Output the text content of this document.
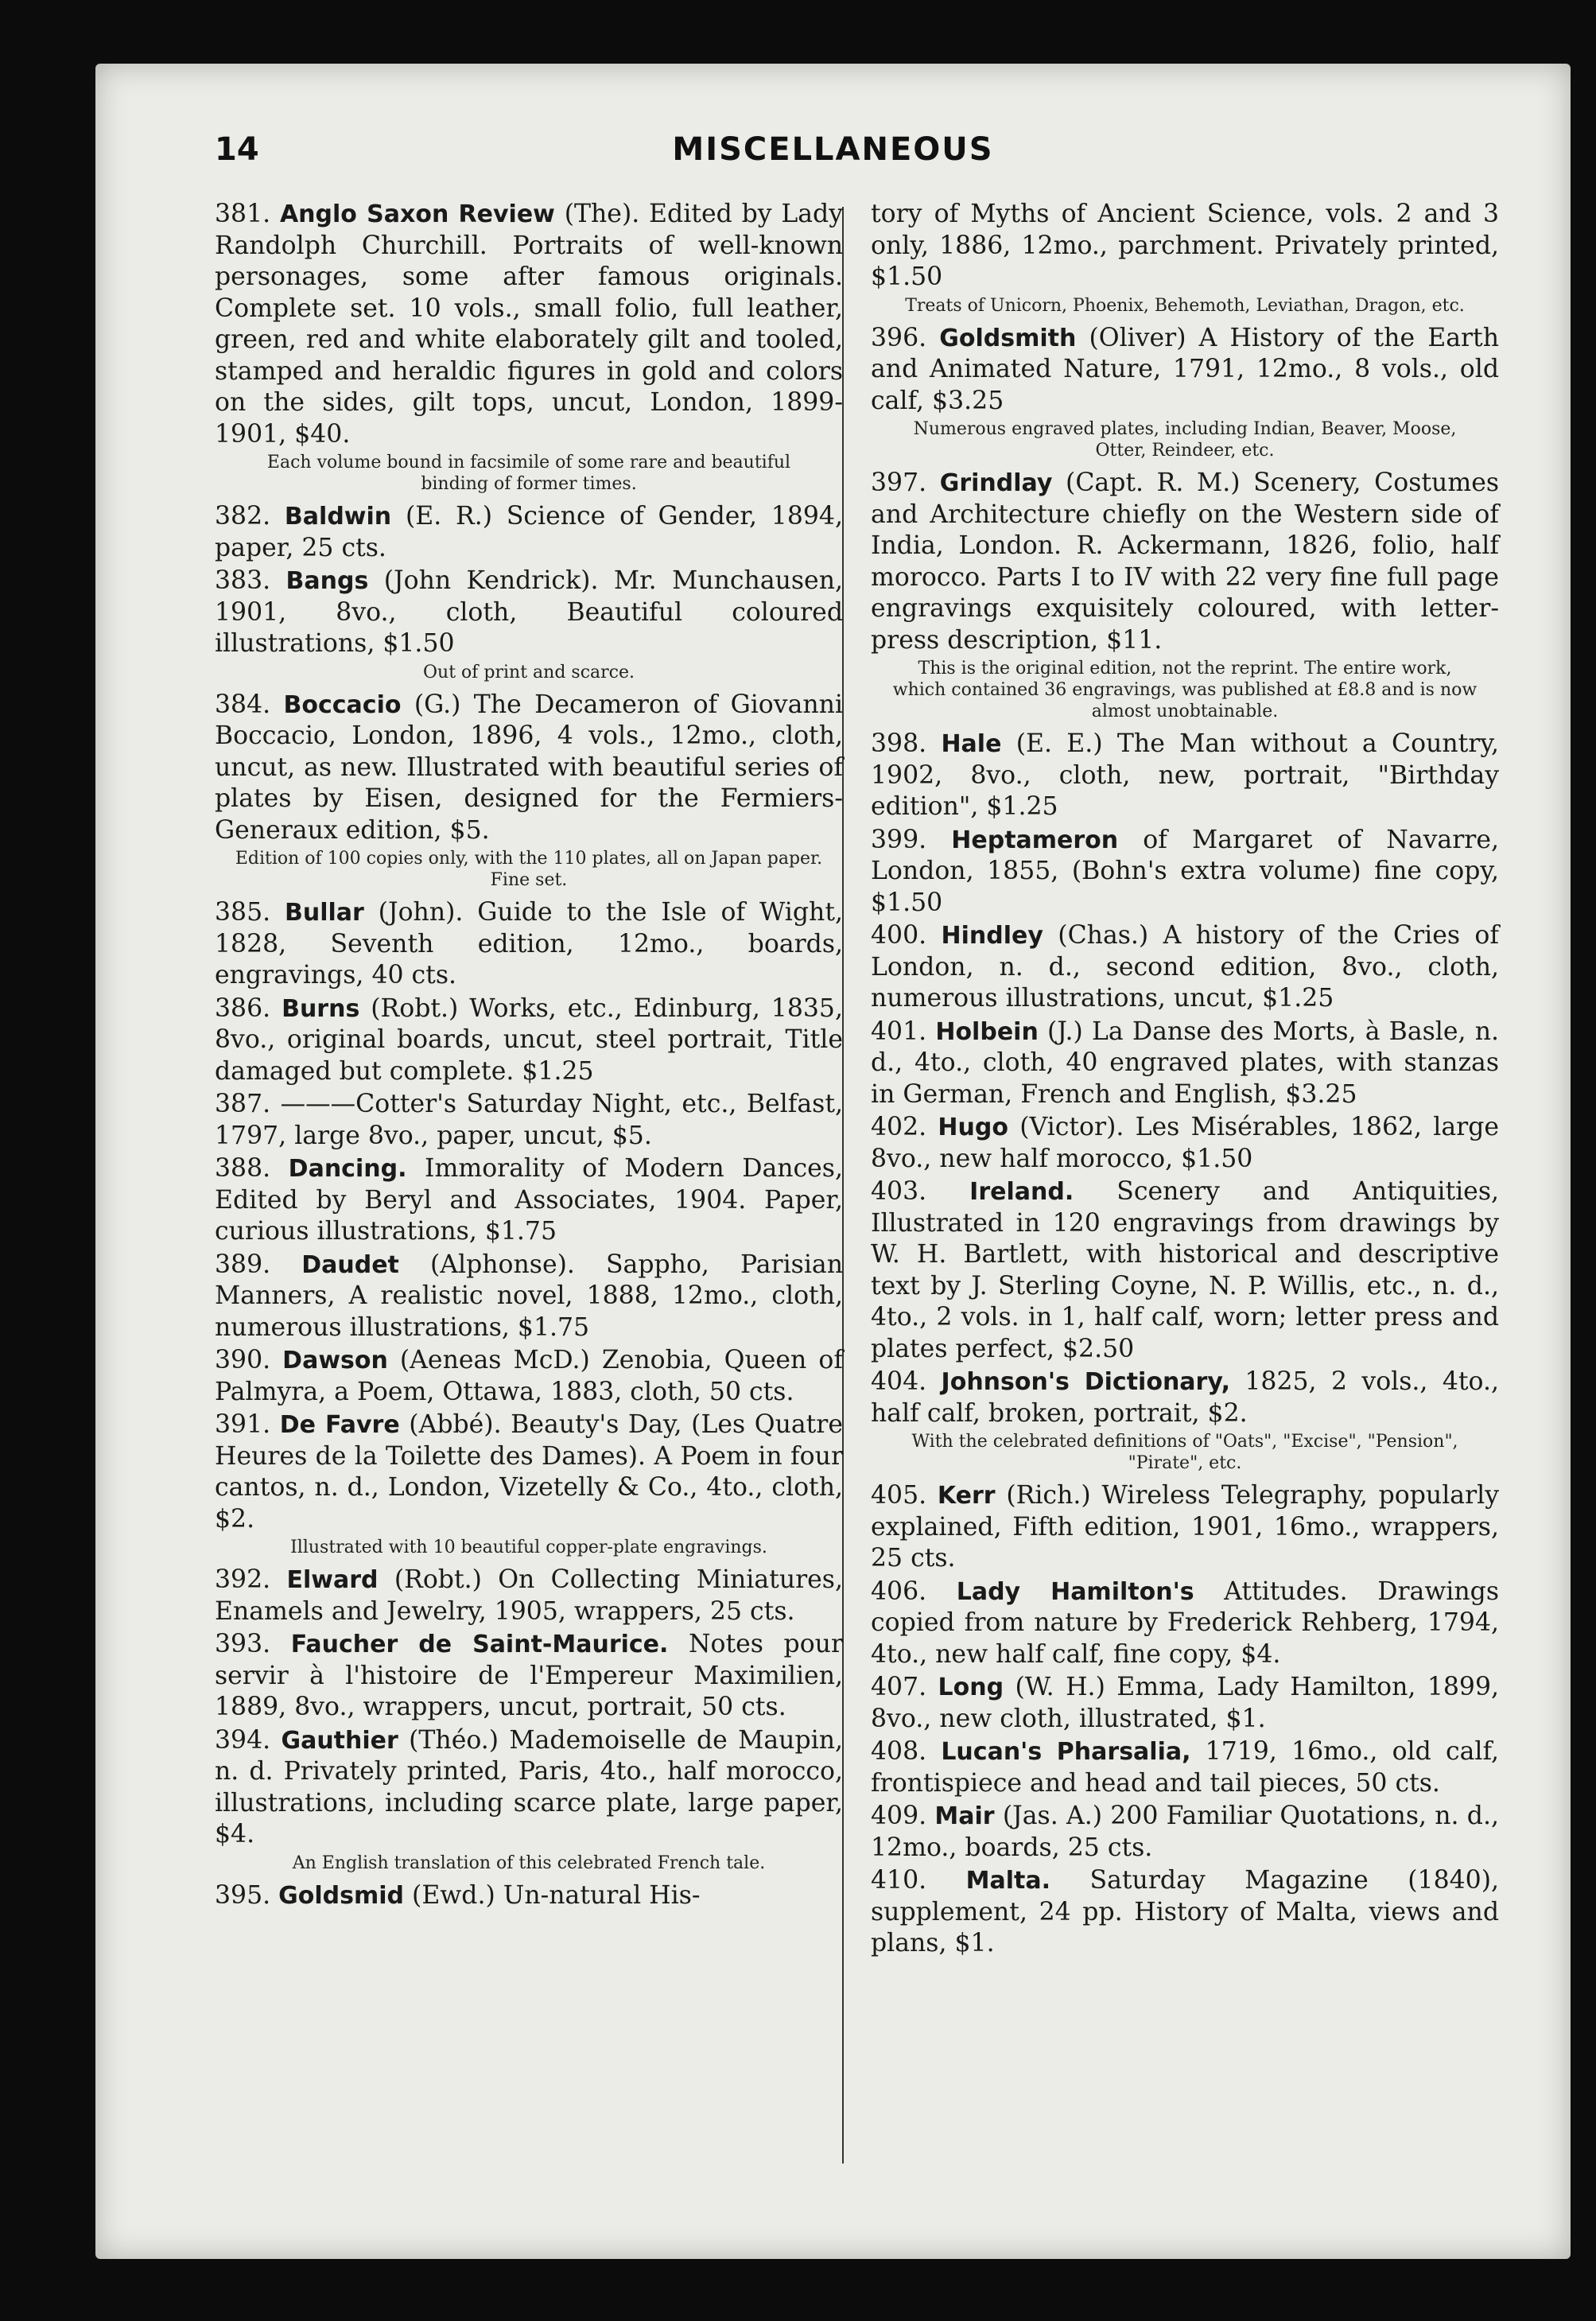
14	MISCELLANEOUS

381. Anglo Saxon Review (The). Edited by Lady Randolph Churchill. Portraits of well-known personages, some after famous originals. Complete set. 10 vols., small folio, full leather, green, red and white elaborately gilt and tooled, stamped and heraldic figures in gold and colors on the sides, gilt tops, uncut, London, 1899-1901, $40.

Each volume bound in facsimile of some rare and beautiful binding of former times.

382. Baldwin (E. R.) Science of Gender, 1894, paper, 25 cts.

383. Bangs (John Kendrick). Mr. Munchausen, 1901, 8vo., cloth, Beautiful coloured illustrations, $1.50

Out of print and scarce.

384. Boccacio (G.) The Decameron of Giovanni Boccacio, London, 1896, 4 vols., 12mo., cloth, uncut, as new. Illustrated with beautiful series of plates by Eisen, designed for the Fermiers-Generaux edition, $5.

Edition of 100 copies only, with the 110 plates, all on Japan paper. Fine set.

385. Bullar (John). Guide to the Isle of Wight, 1828, Seventh edition, 12mo., boards, engravings, 40 cts.

386. Burns (Robt.) Works, etc., Edinburg, 1835, 8vo., original boards, uncut, steel portrait, Title damaged but complete. $1.25

387. ———Cotter's Saturday Night, etc., Belfast, 1797, large 8vo., paper, uncut, $5.

388. Dancing. Immorality of Modern Dances, Edited by Beryl and Associates, 1904. Paper, curious illustrations, $1.75

389. Daudet (Alphonse). Sappho, Parisian Manners, A realistic novel, 1888, 12mo., cloth, numerous illustrations, $1.75

390. Dawson (Aeneas McD.) Zenobia, Queen of Palmyra, a Poem, Ottawa, 1883, cloth, 50 cts.

391. De Favre (Abbé). Beauty's Day, (Les Quatre Heures de la Toilette des Dames). A Poem in four cantos, n. d., London, Vizetelly & Co., 4to., cloth, $2.

Illustrated with 10 beautiful copper-plate engravings.

392. Elward (Robt.) On Collecting Miniatures, Enamels and Jewelry, 1905, wrappers, 25 cts.

393. Faucher de Saint-Maurice. Notes pour servir à l'histoire de l'Empereur Maximilien, 1889, 8vo., wrappers, uncut, portrait, 50 cts.

394. Gauthier (Théo.) Mademoiselle de Maupin, n. d. Privately printed, Paris, 4to., half morocco, illustrations, including scarce plate, large paper, $4.

An English translation of this celebrated French tale.

395. Goldsmid (Ewd.) Un-natural His-

tory of Myths of Ancient Science, vols. 2 and 3 only, 1886, 12mo., parchment. Privately printed, $1.50

Treats of Unicorn, Phoenix, Behemoth, Leviathan, Dragon, etc.

396. Goldsmith (Oliver) A History of the Earth and Animated Nature, 1791, 12mo., 8 vols., old calf, $3.25

Numerous engraved plates, including Indian, Beaver, Moose, Otter, Reindeer, etc.

397. Grindlay (Capt. R. M.) Scenery, Costumes and Architecture chiefly on the Western side of India, London. R. Ackermann, 1826, folio, half morocco. Parts I to IV with 22 very fine full page engravings exquisitely coloured, with letter-press description, $11.

This is the original edition, not the reprint. The entire work, which contained 36 engravings, was published at £8.8 and is now almost unobtainable.

398. Hale (E. E.) The Man without a Country, 1902, 8vo., cloth, new, portrait, "Birthday edition", $1.25

399. Heptameron of Margaret of Navarre, London, 1855, (Bohn's extra volume) fine copy, $1.50

400. Hindley (Chas.) A history of the Cries of London, n. d., second edition, 8vo., cloth, numerous illustrations, uncut, $1.25

401. Holbein (J.) La Danse des Morts, à Basle, n. d., 4to., cloth, 40 engraved plates, with stanzas in German, French and English, $3.25

402. Hugo (Victor). Les Misérables, 1862, large 8vo., new half morocco, $1.50

403. Ireland. Scenery and Antiquities, Illustrated in 120 engravings from drawings by W. H. Bartlett, with historical and descriptive text by J. Sterling Coyne, N. P. Willis, etc., n. d., 4to., 2 vols. in 1, half calf, worn; letter press and plates perfect, $2.50

404. Johnson's Dictionary, 1825, 2 vols., 4to., half calf, broken, portrait, $2.

With the celebrated definitions of "Oats", "Excise", "Pension", "Pirate", etc.

405. Kerr (Rich.) Wireless Telegraphy, popularly explained, Fifth edition, 1901, 16mo., wrappers, 25 cts.

406. Lady Hamilton's Attitudes. Drawings copied from nature by Frederick Rehberg, 1794, 4to., new half calf, fine copy, $4.

407. Long (W. H.) Emma, Lady Hamilton, 1899, 8vo., new cloth, illustrated, $1.

408. Lucan's Pharsalia, 1719, 16mo., old calf, frontispiece and head and tail pieces, 50 cts.

409. Mair (Jas. A.) 200 Familiar Quotations, n. d., 12mo., boards, 25 cts.

410. Malta. Saturday Magazine (1840), supplement, 24 pp. History of Malta, views and plans, $1.
